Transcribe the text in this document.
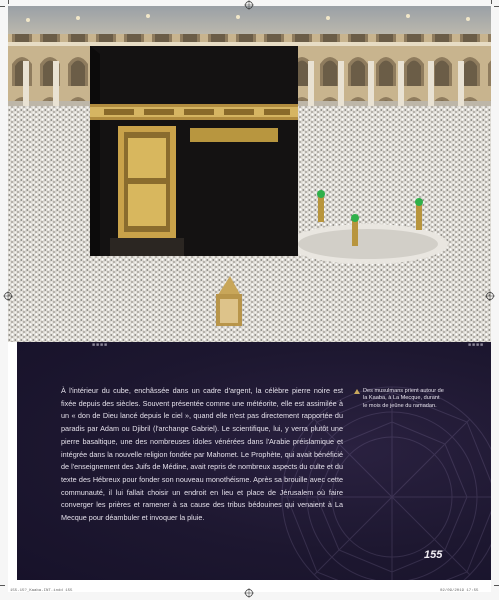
À l'intérieur du cube, enchâssée dans un cadre d'argent, la célèbre pierre noire est fixée depuis des siècles. Souvent présentée comme une météorite, elle est assimilée à un « don de Dieu lancé depuis le ciel », quand elle n'est pas directement rapportée du paradis par Adam ou Djibril (l'archange Gabriel). Le scientifique, lui, y verra plutôt une pierre basaltique, une des nombreuses idoles vénérées dans l'Arabie préislamique et intégrée dans la nouvelle religion fondée par Mahomet. Le Prophète, qui avait bénéficié de l'enseignement des Juifs de Médine, avait repris de nombreux aspects du culte et du texte des Hébreux pour fonder son nouveau monothéisme. Après sa brouille avec cette communauté, il lui fallait choisir un endroit en lieu et place de Jérusalem où faire converger les prières et ramener à sa cause des tribus bédouines qui venaient à La Mecque pour déambuler et invoquer la pluie.

Des musulmans prient autour de la Kaaba, à La Mecque, durant le mois de jeûne du ramadan.

155
■■■■	■■■■
155-15?_Kaaba-INT.indd 155	02/09/2019 17:55
